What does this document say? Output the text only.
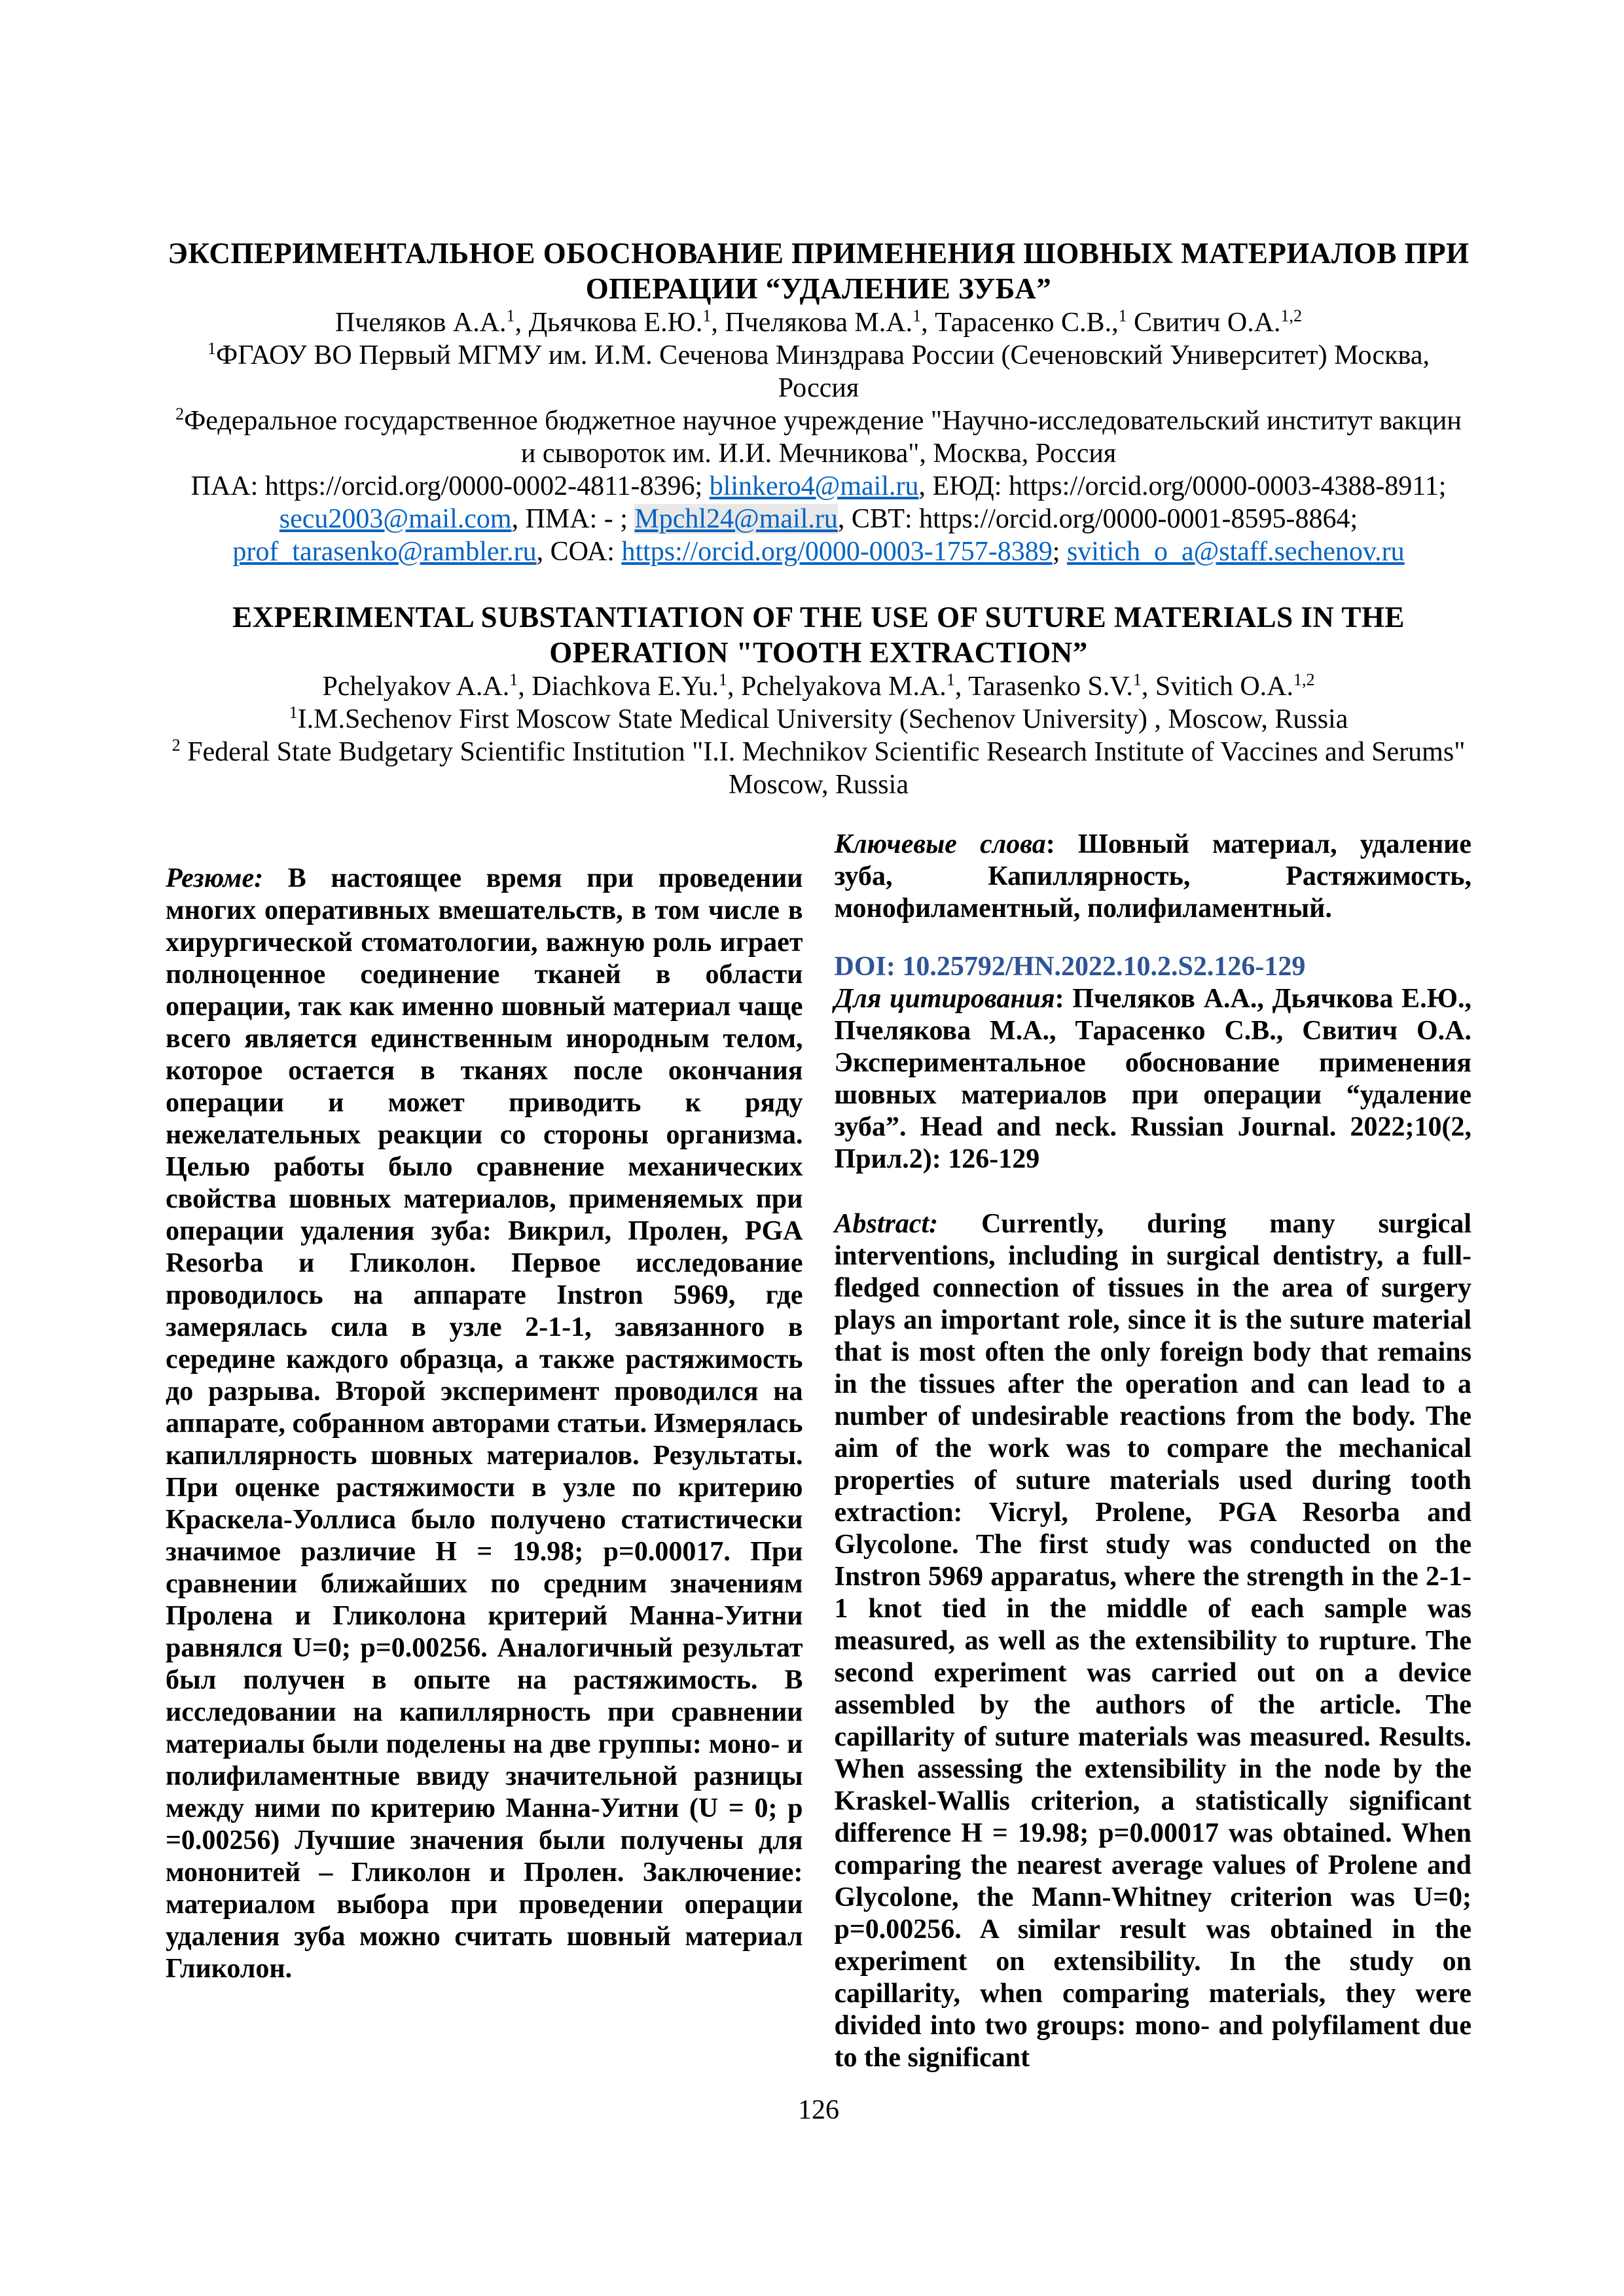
ЭКСПЕРИМЕНТАЛЬНОЕ ОБОСНОВАНИЕ ПРИМЕНЕНИЯ ШОВНЫХ МАТЕРИАЛОВ ПРИ ОПЕРАЦИИ “УДАЛЕНИЕ ЗУБА”

Пчеляков А.А.$^1$, Дьячкова Е.Ю.$^1$, Пчелякова М.А.$^1$, Тарасенко С.В.,$^1$ Свитич О.А.$^{1,2}$

$^1$ФГАОУ ВО Первый МГМУ им. И.М. Сеченова Минздрава России (Сеченовский Университет) Москва, Россия

$^2$Федеральное государственное бюджетное научное учреждение "Научно-исследовательский институт вакцин и сывороток им. И.И. Мечникова", Москва, Россия

ПАА: https://orcid.org/0000-0002-4811-8396; blinkero4@mail.ru, ЕЮД: https://orcid.org/0000-0003-4388-8911; secu2003@mail.com, ПМА: - ; Mpchl24@mail.ru, СВТ: https://orcid.org/0000-0001-8595-8864; prof_tarasenko@rambler.ru, СОА: https://orcid.org/0000-0003-1757-8389; svitich_o_a@staff.sechenov.ru

EXPERIMENTAL SUBSTANTIATION OF THE USE OF SUTURE MATERIALS IN THE OPERATION "TOOTH EXTRACTION”

Pchelyakov A.A.$^1$, Diachkova E.Yu.$^1$, Pchelyakova M.A.$^1$, Tarasenko S.V.$^1$, Svitich O.A.$^{1,2}$

$^1$I.M.Sechenov First Moscow State Medical University (Sechenov University) , Moscow, Russia

$^2$ Federal State Budgetary Scientific Institution "I.I. Mechnikov Scientific Research Institute of Vaccines and Serums" Moscow, Russia

Резюме: В настоящее время при проведении многих оперативных вмешательств, в том числе в хирургической стоматологии, важную роль играет полноценное соединение тканей в области операции, так как именно шовный материал чаще всего является единственным инородным телом, которое остается в тканях после окончания операции и может приводить к ряду нежелательных реакции со стороны организма. Целью работы было сравнение механических свойства шовных материалов, применяемых при операции удаления зуба: Викрил, Пролен, PGA Resorba и Гликолон. Первое исследование проводилось на аппарате Instron 5969, где замерялась сила в узле 2-1-1, завязанного в середине каждого образца, а также растяжимость до разрыва. Второй эксперимент проводился на аппарате, собранном авторами статьи. Измерялась капиллярность шовных материалов. Результаты. При оценке растяжимости в узле по критерию Краскела-Уоллиса было получено статистически значимое различие H = 19.98; p=0.00017. При сравнении ближайших по средним значениям Пролена и Гликолона критерий Манна-Уитни равнялся U=0; p=0.00256. Аналогичный результат был получен в опыте на растяжимость. В исследовании на капиллярность при сравнении материалы были поделены на две группы: моно- и полифиламентные ввиду значительной разницы между ними по критерию Манна-Уитни (U = 0; p =0.00256) Лучшие значения были получены для мононитей – Гликолон и Пролен. Заключение: материалом выбора при проведении операции удаления зуба можно считать шовный материал Гликолон.

Ключевые слова: Шовный материал, удаление зуба, Капиллярность, Растяжимость, монофиламентный, полифиламентный.

DOI: 10.25792/HN.2022.10.2.S2.126-129

Для цитирования: Пчеляков А.А., Дьячкова Е.Ю., Пчелякова М.А., Тарасенко С.В., Свитич О.А. Экспериментальное обоснование применения шовных материалов при операции “удаление зуба”. Head and neck. Russian Journal. 2022;10(2, Прил.2): 126-129

Abstract: Currently, during many surgical interventions, including in surgical dentistry, a full-fledged connection of tissues in the area of surgery plays an important role, since it is the suture material that is most often the only foreign body that remains in the tissues after the operation and can lead to a number of undesirable reactions from the body. The aim of the work was to compare the mechanical properties of suture materials used during tooth extraction: Vicryl, Prolene, PGA Resorba and Glycolone. The first study was conducted on the Instron 5969 apparatus, where the strength in the 2-1-1 knot tied in the middle of each sample was measured, as well as the extensibility to rupture. The second experiment was carried out on a device assembled by the authors of the article. The capillarity of suture materials was measured. Results. When assessing the extensibility in the node by the Kraskel-Wallis criterion, a statistically significant difference H = 19.98; p=0.00017 was obtained. When comparing the nearest average values of Prolene and Glycolone, the Mann-Whitney criterion was U=0; p=0.00256. A similar result was obtained in the experiment on extensibility. In the study on capillarity, when comparing materials, they were divided into two groups: mono- and polyfilament due to the significant

126
